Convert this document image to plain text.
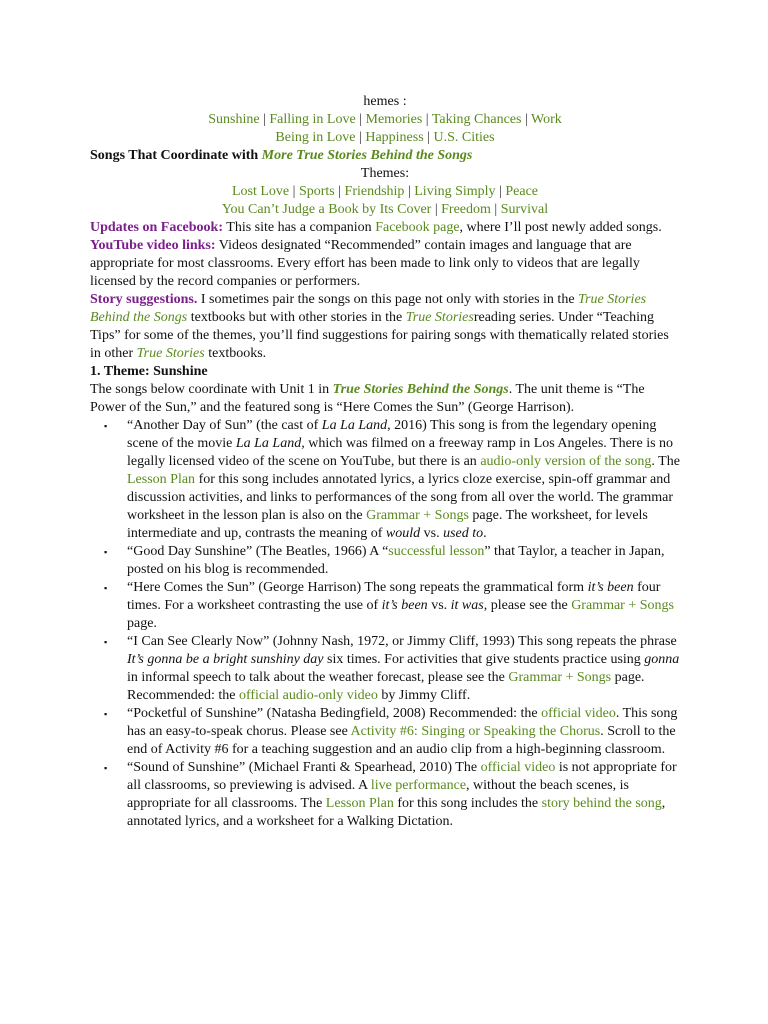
hemes :

Sunshine | Falling in Love | Memories | Taking Chances | Work

Being in Love | Happiness | U.S. Cities

Songs That Coordinate with More True Stories Behind the Songs

Themes:

Lost Love | Sports | Friendship | Living Simply | Peace

You Can’t Judge a Book by Its Cover | Freedom | Survival

Updates on Facebook: This site has a companion Facebook page, where I’ll post newly added songs.

YouTube video links: Videos designated “Recommended” contain images and language that are appropriate for most classrooms. Every effort has been made to link only to videos that are legally licensed by the record companies or performers.

Story suggestions. I sometimes pair the songs on this page not only with stories in the True Stories Behind the Songs textbooks but with other stories in the True Storiesreading series. Under “Teaching Tips” for some of the themes, you’ll find suggestions for pairing songs with thematically related stories in other True Stories textbooks.

1. Theme: Sunshine

The songs below coordinate with Unit 1 in True Stories Behind the Songs. The unit theme is “The Power of the Sun,” and the featured song is “Here Comes the Sun” (George Harrison).

▪ “Another Day of Sun” (the cast of La La Land, 2016) This song is from the legendary opening scene of the movie La La Land, which was filmed on a freeway ramp in Los Angeles. There is no legally licensed video of the scene on YouTube, but there is an audio-only version of the song. The Lesson Plan for this song includes annotated lyrics, a lyrics cloze exercise, spin-off grammar and discussion activities, and links to performances of the song from all over the world. The grammar worksheet in the lesson plan is also on the Grammar + Songs page. The worksheet, for levels intermediate and up, contrasts the meaning of would vs. used to.
▪ “Good Day Sunshine” (The Beatles, 1966) A “successful lesson” that Taylor, a teacher in Japan, posted on his blog is recommended.
▪ “Here Comes the Sun” (George Harrison) The song repeats the grammatical form it’s been four times. For a worksheet contrasting the use of it’s been vs. it was, please see the Grammar + Songs page.
▪ “I Can See Clearly Now” (Johnny Nash, 1972, or Jimmy Cliff, 1993) This song repeats the phrase It’s gonna be a bright sunshiny day six times. For activities that give students practice using gonna in informal speech to talk about the weather forecast, please see the Grammar + Songs page. Recommended: the official audio-only video by Jimmy Cliff.
▪ “Pocketful of Sunshine” (Natasha Bedingfield, 2008) Recommended: the official video. This song has an easy-to-speak chorus. Please see Activity #6: Singing or Speaking the Chorus. Scroll to the end of Activity #6 for a teaching suggestion and an audio clip from a high-beginning classroom.
▪ “Sound of Sunshine” (Michael Franti & Spearhead, 2010) The official video is not appropriate for all classrooms, so previewing is advised. A live performance, without the beach scenes, is appropriate for all classrooms. The Lesson Plan for this song includes the story behind the song, annotated lyrics, and a worksheet for a Walking Dictation.
